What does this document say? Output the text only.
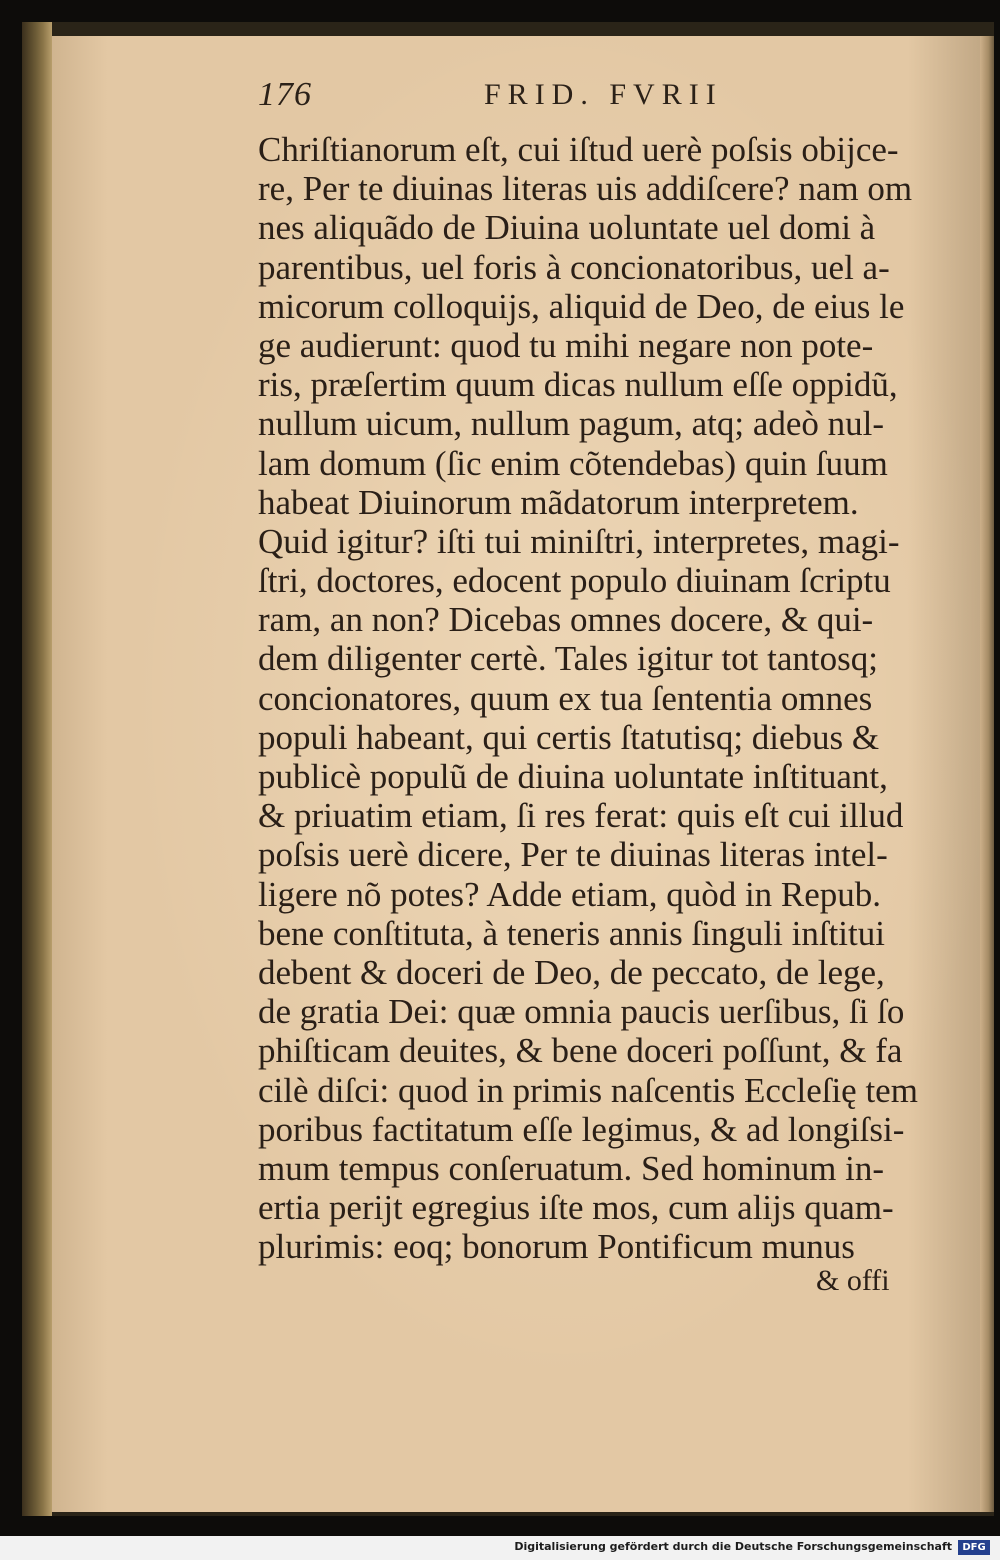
176	FRID. FVRII
Chriſtianorum eſt, cui iſtud uerè poſsis obijce-
re, Per te diuinas literas uis addiſcere? nam om
nes aliquãdo de Diuina uoluntate uel domi à
parentibus, uel foris à concionatoribus, uel a-
micorum colloquijs, aliquid de Deo, de eius le
ge audierunt: quod tu mihi negare non pote-
ris, præſertim quum dicas nullum eſſe oppidũ,
nullum uicum, nullum pagum, atq; adeò nul-
lam domum (ſic enim cõtendebas) quin ſuum
habeat Diuinorum mãdatorum interpretem.
Quid igitur? iſti tui miniſtri, interpretes, magi-
ſtri, doctores, edocent populo diuinam ſcriptu
ram, an non? Dicebas omnes docere, & qui-
dem diligenter certè. Tales igitur tot tantosq;
concionatores, quum ex tua ſententia omnes
populi habeant, qui certis ſtatutisq; diebus &
publicè populũ de diuina uoluntate inſtituant,
& priuatim etiam, ſi res ferat: quis eſt cui illud
poſsis uerè dicere, Per te diuinas literas intel-
ligere nõ potes? Adde etiam, quòd in Repub.
bene conſtituta, à teneris annis ſinguli inſtitui
debent & doceri de Deo, de peccato, de lege,
de gratia Dei: quæ omnia paucis uerſibus, ſi ſo
phiſticam deuites, & bene doceri poſſunt, & fa
cilè diſci: quod in primis naſcentis Eccleſię tem
poribus factitatum eſſe legimus, & ad longiſsi-
mum tempus conſeruatum. Sed hominum in-
ertia perijt egregius iſte mos, cum alijs quam-
plurimis: eoq; bonorum Pontificum munus
& offi
Digitalisierung gefördert durch die Deutsche Forschungsgemeinschaft	DFG
